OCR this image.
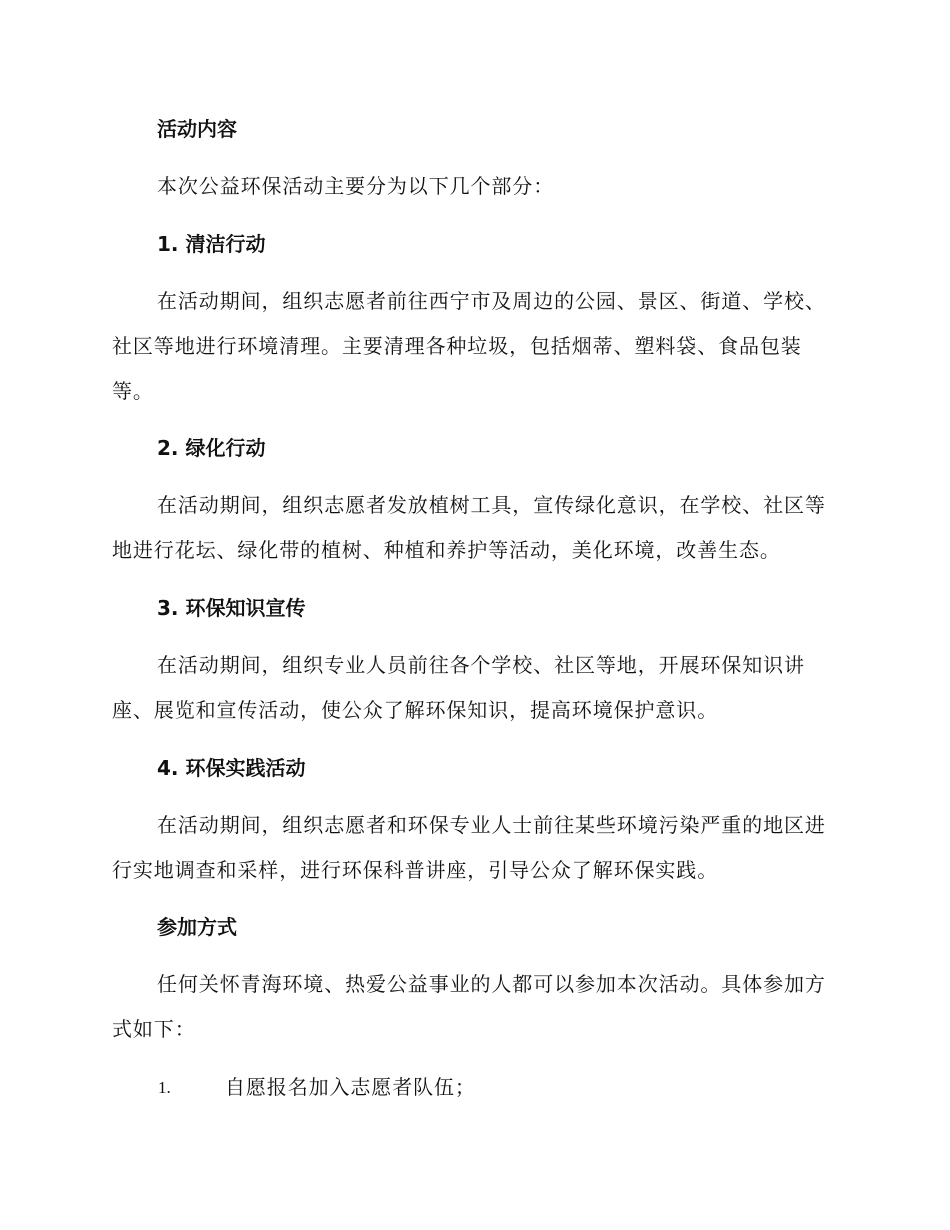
活动内容
本次公益环保活动主要分为以下几个部分：
1. 清洁行动
在活动期间，组织志愿者前往西宁市及周边的公园、景区、街道、学校、社区等地进行环境清理。主要清理各种垃圾，包括烟蒂、塑料袋、食品包装等。
2. 绿化行动
在活动期间，组织志愿者发放植树工具，宣传绿化意识，在学校、社区等地进行花坛、绿化带的植树、种植和养护等活动，美化环境，改善生态。
3. 环保知识宣传
在活动期间，组织专业人员前往各个学校、社区等地，开展环保知识讲座、展览和宣传活动，使公众了解环保知识，提高环境保护意识。
4. 环保实践活动
在活动期间，组织志愿者和环保专业人士前往某些环境污染严重的地区进行实地调查和采样，进行环保科普讲座，引导公众了解环保实践。
参加方式
任何关怀青海环境、热爱公益事业的人都可以参加本次活动。具体参加方式如下：
1.	自愿报名加入志愿者队伍；
